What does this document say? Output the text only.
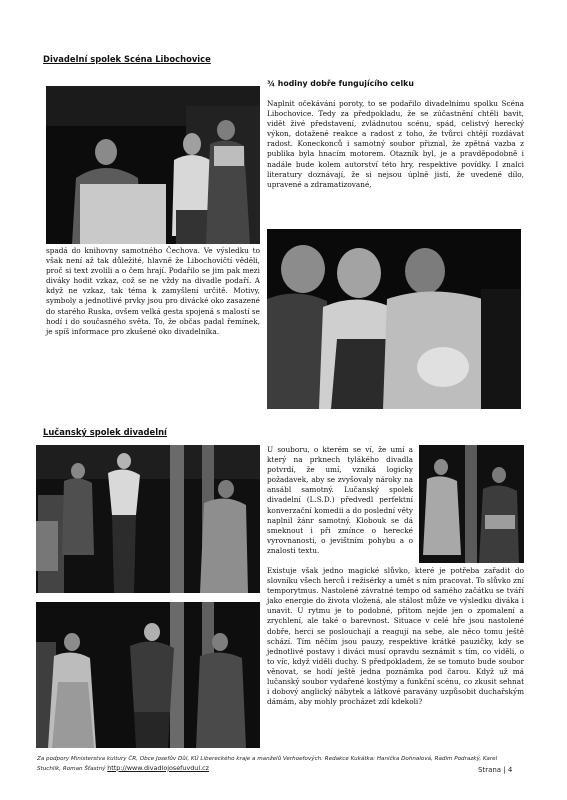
Divadelní spolek Scéna Libochovice
¾ hodiny dobře fungujícího celku

Naplnit očekávání poroty, to se podařilo divadelnímu spolku Scéna Libochovice. Tedy za předpokladu, že se zúčastnění chtěli bavit, vidět živé představení, zvládnutou scénu, spád, celistvý herecký výkon, dotažené reakce a radost z toho, že tvůrci chtějí rozdávat radost. Koneckonců i samotný soubor přiznal, že zpětná vazba z publika byla hnacím motorem. Otazník byl, je a pravděpodobně i nadále bude kolem autorství této hry, respektive povídky. I znalci literatury doznávají, že si nejsou úplně jistí, že uvedené dílo, upravené a zdramatizované,

spadá do knihovny samotného Čechova. Ve výsledku to však není až tak důležité, hlavně že Libochovičtí věděli, proč si text zvolili a o čem hrají. Podařilo se jim pak mezi diváky hodit vzkaz, což se ne vždy na divadle podaří. A když ne vzkaz, tak téma k zamyšlení určitě. Motivy, symboly a jednotlivé prvky jsou pro divácké oko zasazené do starého Ruska, ovšem velká gesta spojená s malostí se hodí i do současného světa. To, že občas padal řemínek, je spíš informace pro zkušené oko divadelníka.

Lučanský spolek divadelní

U souboru, o kterém se ví, že umí a který na prknech tylákého divadla potvrdí, že umí, vzniká logicky požadavek, aby se zvyšovaly nároky na ansábl samotný. Lučanský spolek divadelní (L.S.D.) předvedl perfektní konverzační komedii a do poslední věty naplnil žánr samotný. Klobouk se dá smeknout i při zmínce o herecké vyrovnanosti, o jevištním pohybu a o znalosti textu.

Existuje však jedno magické slůvko, které je potřeba zařadit do slovníku všech herců i režisérky a umět s ním pracovat. To slůvko zní temporytmus. Nastolené závratné tempo od samého začátku se tváří jako energie do života vložená, ale stálost může ve výsledku diváka i unavit. U rytmu je to podobné, přitom nejde jen o zpomalení a zrychlení, ale také o barevnost. Situace v celé hře jsou nastolené dobře, herci se poslouchají a reagují na sebe, ale něco tomu ještě schází. Tím něčím jsou pauzy, respektive krátké pauzičky, kdy se jednotlivé postavy i diváci musí opravdu seznámit s tím, co viděli, o to víc, když viděli duchy. S předpokladem, že se tomuto bude soubor věnovat, se hodí ještě jedna poznámka pod čarou. Když už má lučanský soubor vydařené kostýmy a funkční scénu, co zkusit sehnat i dobový anglický nábytek a látkové paravány uzpůsobit duchařským dámám, aby mohly procházet zdí kdekoli?

Za podpory Ministerstva kultury ČR, Obce Josefův Důl, KÚ Libereckého kraje a manželů Verhoefových. Redakce Kukátka: Hanička Dohnalová, Radim Podrazký, Karel Stuchlík, Roman Šťastný http://www.divadlojosefuvdul.cz	Strana | 4
